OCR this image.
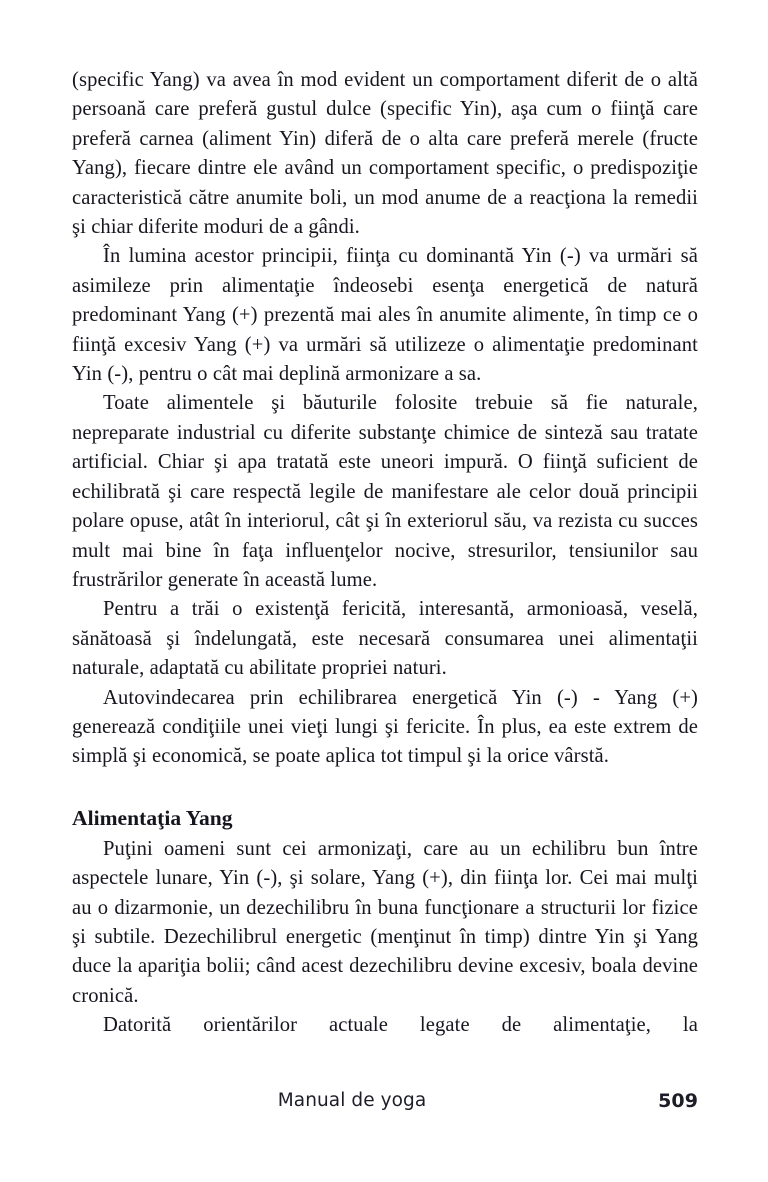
(specific Yang) va avea în mod evident un comportament diferit de o altă persoană care preferă gustul dulce (specific Yin), aşa cum o fiinţă care preferă carnea (aliment Yin) diferă de o alta care preferă merele (fructe Yang), fiecare dintre ele având un comportament specific, o predispoziţie caracteristică către anumite boli, un mod anume de a reacţiona la remedii şi chiar diferite moduri de a gândi.

În lumina acestor principii, fiinţa cu dominantă Yin (-) va urmări să asimileze prin alimentaţie îndeosebi esenţa energetică de natură predominant Yang (+) prezentă mai ales în anumite alimente, în timp ce o fiinţă excesiv Yang (+) va urmări să utilizeze o alimentaţie predominant Yin (-), pentru o cât mai deplină armonizare a sa.

Toate alimentele şi băuturile folosite trebuie să fie naturale, nepreparate industrial cu diferite substanţe chimice de sinteză sau tratate artificial. Chiar şi apa tratată este uneori impură. O fiinţă suficient de echilibrată şi care respectă legile de manifestare ale celor două principii polare opuse, atât în interiorul, cât şi în exteriorul său, va rezista cu succes mult mai bine în faţa influenţelor nocive, stresurilor, tensiunilor sau frustrărilor generate în această lume.

Pentru a trăi o existenţă fericită, interesantă, armonioasă, veselă, sănătoasă şi îndelungată, este necesară consumarea unei alimentaţii naturale, adaptată cu abilitate propriei naturi.

Autovindecarea prin echilibrarea energetică Yin (-) - Yang (+) generează condiţiile unei vieţi lungi şi fericite. În plus, ea este extrem de simplă şi economică, se poate aplica tot timpul şi la orice vârstă.

Alimentaţia Yang

Puţini oameni sunt cei armonizaţi, care au un echilibru bun între aspectele lunare, Yin (-), şi solare, Yang (+), din fiinţa lor. Cei mai mulţi au o dizarmonie, un dezechilibru în buna funcţionare a structurii lor fizice şi subtile. Dezechilibrul energetic (menţinut în timp) dintre Yin şi Yang duce la apariţia bolii; când acest dezechilibru devine excesiv, boala devine cronică.

Datorită orientărilor actuale legate de alimentaţie, la

Manual de yoga	509
